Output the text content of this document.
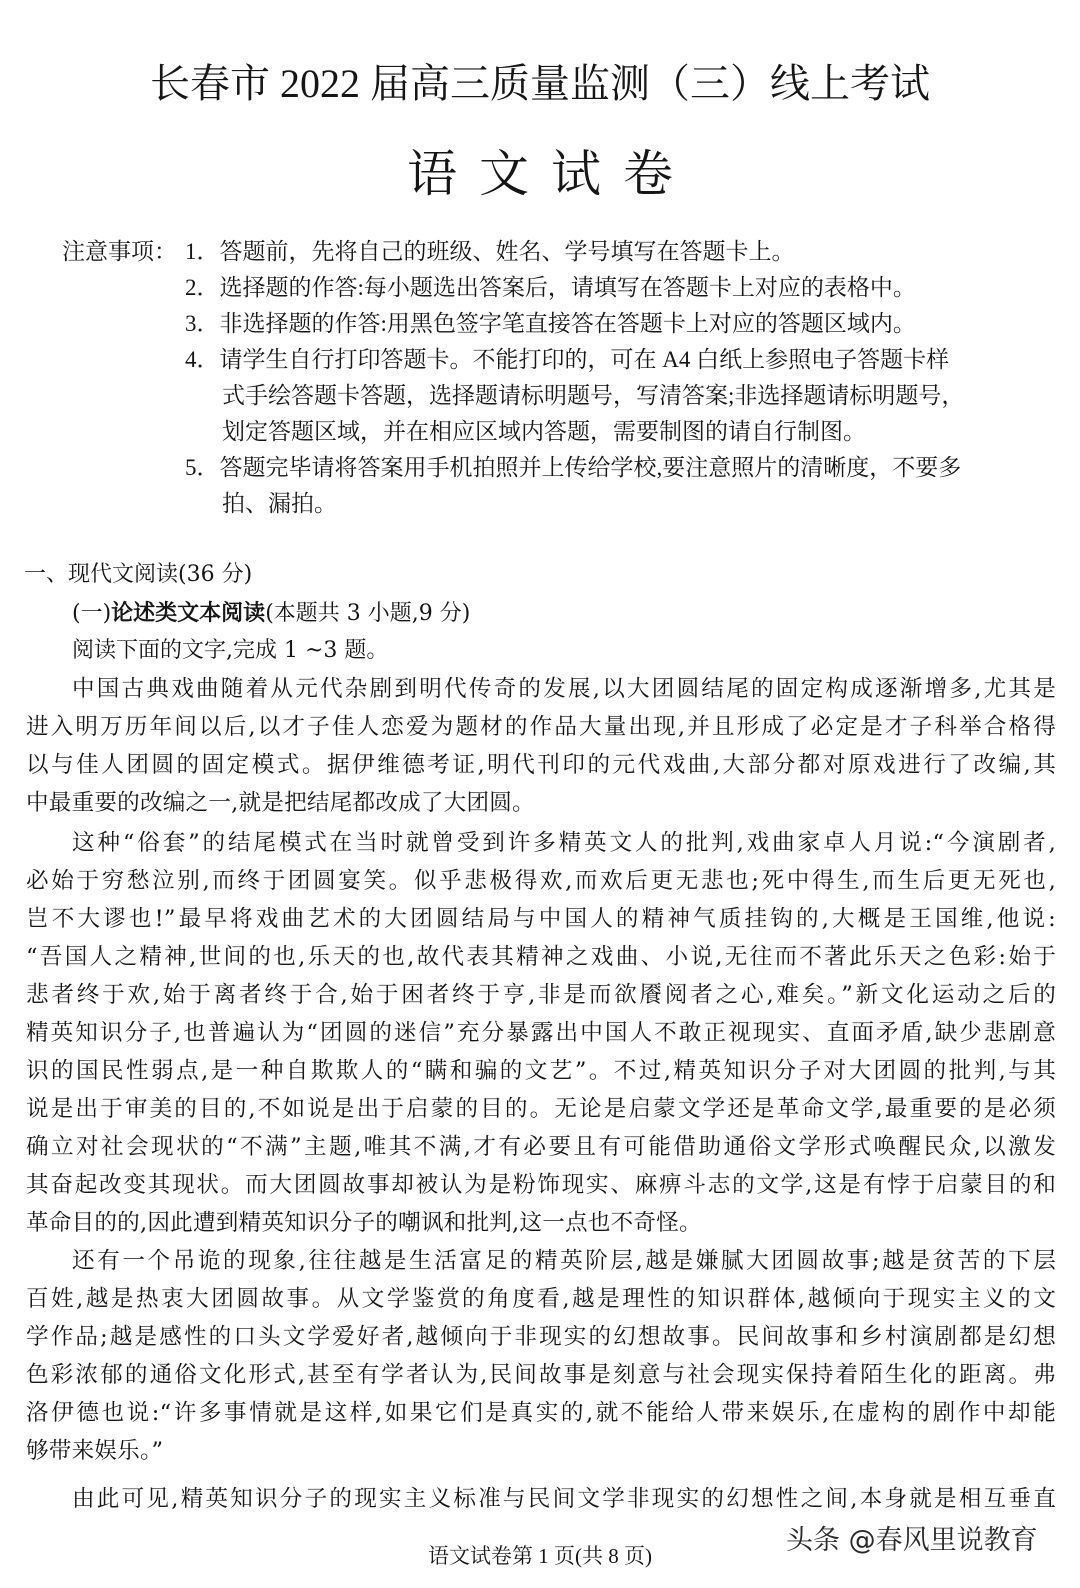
长春市 2022 届高三质量监测（三）线上考试
语文试卷
注意事项： 1．答题前，先将自己的班级、姓名、学号填写在答题卡上。
2．选择题的作答:每小题选出答案后，请填写在答题卡上对应的表格中。
3．非选择题的作答:用黑色签字笔直接答在答题卡上对应的答题区域内。
4．请学生自行打印答题卡。不能打印的，可在 A4 白纸上参照电子答题卡样
式手绘答题卡答题，选择题请标明题号，写清答案;非选择题请标明题号，
划定答题区域，并在相应区域内答题，需要制图的请自行制图。
5．答题完毕请将答案用手机拍照并上传给学校,要注意照片的清晰度，不要多
拍、漏拍。
一、现代文阅读(36 分)
(一)论述类文本阅读(本题共 3 小题,9 分)
阅读下面的文字,完成 1 ~3 题。
中国古典戏曲随着从元代杂剧到明代传奇的发展,以大团圆结尾的固定构成逐渐增多,尤其是
进入明万历年间以后,以才子佳人恋爱为题材的作品大量出现,并且形成了必定是才子科举合格得
以与佳人团圆的固定模式。据伊维德考证,明代刊印的元代戏曲,大部分都对原戏进行了改编,其
中最重要的改编之一,就是把结尾都改成了大团圆。
这种“俗套”的结尾模式在当时就曾受到许多精英文人的批判,戏曲家卓人月说:“今演剧者,
必始于穷愁泣别,而终于团圆宴笑。似乎悲极得欢,而欢后更无悲也;死中得生,而生后更无死也,
岂不大谬也!”最早将戏曲艺术的大团圆结局与中国人的精神气质挂钩的,大概是王国维,他说:
“吾国人之精神,世间的也,乐天的也,故代表其精神之戏曲、小说,无往而不著此乐天之色彩:始于
悲者终于欢,始于离者终于合,始于困者终于亨,非是而欲餍阅者之心,难矣。”新文化运动之后的
精英知识分子,也普遍认为“团圆的迷信”充分暴露出中国人不敢正视现实、直面矛盾,缺少悲剧意
识的国民性弱点,是一种自欺欺人的“瞒和骗的文艺”。不过,精英知识分子对大团圆的批判,与其
说是出于审美的目的,不如说是出于启蒙的目的。无论是启蒙文学还是革命文学,最重要的是必须
确立对社会现状的“不满”主题,唯其不满,才有必要且有可能借助通俗文学形式唤醒民众,以激发
其奋起改变其现状。而大团圆故事却被认为是粉饰现实、麻痹斗志的文学,这是有悖于启蒙目的和
革命目的的,因此遭到精英知识分子的嘲讽和批判,这一点也不奇怪。
还有一个吊诡的现象,往往越是生活富足的精英阶层,越是嫌腻大团圆故事;越是贫苦的下层
百姓,越是热衷大团圆故事。从文学鉴赏的角度看,越是理性的知识群体,越倾向于现实主义的文
学作品;越是感性的口头文学爱好者,越倾向于非现实的幻想故事。民间故事和乡村演剧都是幻想
色彩浓郁的通俗文化形式,甚至有学者认为,民间故事是刻意与社会现实保持着陌生化的距离。弗
洛伊德也说:“许多事情就是这样,如果它们是真实的,就不能给人带来娱乐,在虚构的剧作中却能
够带来娱乐。”
由此可见,精英知识分子的现实主义标准与民间文学非现实的幻想性之间,本身就是相互垂直
头条 @春风里说教育
语文试卷第 1 页(共 8 页)
